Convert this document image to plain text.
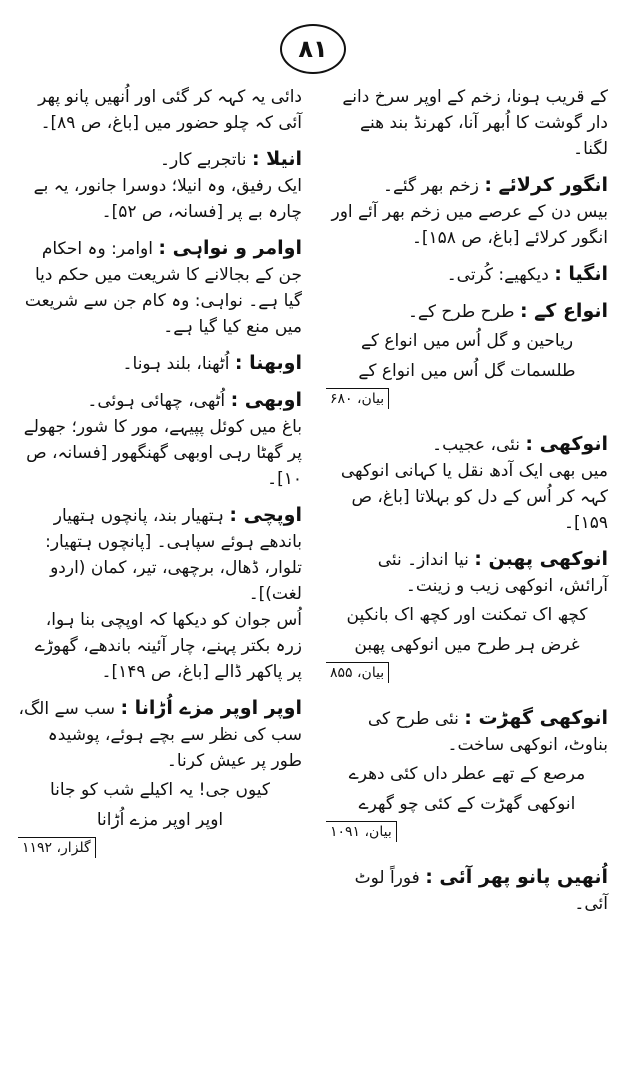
۸۱
کے قریب ہونا، زخم کے اوپر سرخ دانے دار گوشت کا اُبھر آنا، کھرنڈ بند ھنے لگنا۔
انگور کرلائے : زخم بھر گئے۔
بیس دن کے عرصے میں زخم بھر آئے اور انگور کرلائے [باغ، ص ۱۵۸]۔
انگیا : دیکھیے: کُرتی۔
انواع کے : طرح طرح کے۔
ریاحین و گل اُس میں انواع کے
طلسمات گل اُس میں انواع کے
بیان، ۶۸۰
انوکھی : نئی، عجیب۔
میں بھی ایک آدھ نقل یا کہانی انوکھی کہہ کر اُس کے دل کو بہلاتا [باغ، ص ۱۵۹]۔
انوکھی پھبن : نیا انداز۔ نئی آرائش، انوکھی زیب و زینت۔
کچھ اک تمکنت اور کچھ اک بانکپن
غرض ہر طرح میں انوکھی پھبن
بیان، ۸۵۵
انوکھی گھڑت : نئی طرح کی بناوٹ، انوکھی ساخت۔
مرصع کے تھے عطر داں کئی دھرے
انوکھی گھڑت کے کئی چو گھرے
بیان، ۱۰۹۱
اُنھیں پانو پھر آئی : فوراً لوٹ آئی۔
دائی یہ کہہ کر گئی اور اُنھیں پانو پھر آئی کہ چلو حضور میں [باغ، ص ۸۹]۔
انیلا : ناتجربے کار۔
ایک رفیق، وہ انیلا؛ دوسرا جانور، یہ بے چارہ بے پر [فسانہ، ص ۵۲]۔
اوامر و نواہی : اوامر: وہ احکام جن کے بجالانے کا شریعت میں حکم دیا گیا ہے۔ نواہی: وہ کام جن سے شریعت میں منع کیا گیا ہے۔
اوبھنا : اُٹھنا، بلند ہونا۔
اوبھی : اُٹھی، چھائی ہوئی۔
باغ میں کوئل پپیہے، مور کا شور؛ جھولے پر گھٹا رہی اوبھی گھنگھور [فسانہ، ص ۱۰]۔
اوپچی : ہتھیار بند، پانچوں ہتھیار باندھے ہوئے سپاہی۔ [پانچوں ہتھیار: تلوار، ڈھال، برچھی، تیر، کمان (اردو لغت)]۔
اُس جوان کو دیکھا کہ اوپچی بنا ہوا، زرہ بکتر پہنے، چار آئینہ باندھے، گھوڑے پر پاکھر ڈالے [باغ، ص ۱۴۹]۔
اوپر اوپر مزے اُڑانا : سب سے الگ، سب کی نظر سے بچے ہوئے، پوشیدہ طور پر عیش کرنا۔
کیوں جی! یہ اکیلے شب کو جانا
اوپر اوپر مزے اُڑانا
گلزار، ۱۱۹۲
